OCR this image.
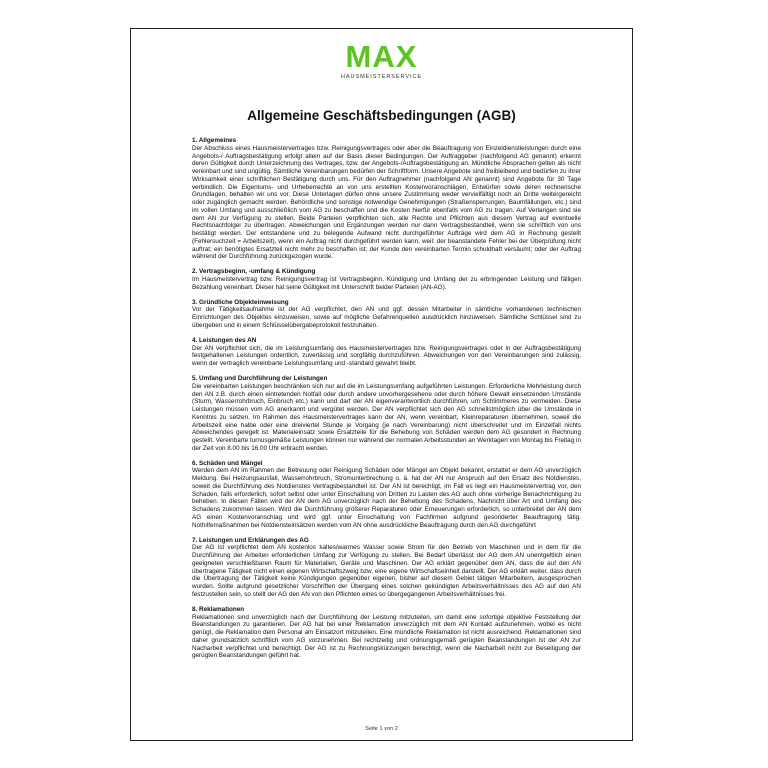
MAX
HAUSMEISTERSERVICE
Allgemeine Geschäftsbedingungen (AGB)
1. Allgemeines
Der Abschluss eines Hausmeistervertrages bzw. Reinigungsvertrages oder aber die Beauftragung von Einzeldienstleistungen durch eine Angebots-/ Auftragsbestätigung erfolgt allein auf der Basis dieser Bedingungen. Der Auftraggeber (nachfolgend AG genannt) erkennt deren Gültigkeit durch Unterzeichnung des Vertrages, bzw. der Angebots-/Auftragsbestätigung an. Mündliche Absprachen gelten als nicht vereinbart und sind ungültig. Sämtliche Vereinbarungen bedürfen der Schriftform. Unsere Angebote sind freibleibend und bedürfen zu ihrer Wirksamkeit einer schriftlichen Bestätigung durch uns. Für den Auftragnehmer (nachfolgend AN genannt) sind Angebote für 30 Tage verbindlich. Die Eigentums- und Urheberrechte an von uns erstellten Kostenvoranschlägen, Entwürfen sowie deren rechnerische Grundlagen, behalten wir uns vor. Diese Unterlagen dürfen ohne unsere Zustimmung weder vervielfältigt noch an Dritte weitergereicht oder zugänglich gemacht werden. Behördliche und sonstige notwendige Genehmigungen (Straßensperrungen, Baumfällungen, etc.) sind im vollen Umfang und ausschließlich vom AG zu beschaffen und die Kosten hierfür ebenfalls vom AG zu tragen. Auf Verlangen sind sie dem AN zur Verfügung zu stellen. Beide Parteien verpflichten sich, alle Rechte und Pflichten aus diesem Vertrag auf eventuelle Rechtsnachfolger zu übertragen. Abweichungen und Ergänzungen werden nur dann Vertragsbestandteil, wenn sie schriftlich von uns bestätigt werden. Der entstandene und zu belegende Aufwand nicht durchgeführter Aufträge wird dem AG in Rechnung gestellt (Fehlersuchzeit = Arbeitszeit), wenn ein Auftrag nicht durchgeführt werden kann, weil: der beanstandete Fehler bei der Überprüfung nicht auftrat; ein benötigtes Ersatzteil nicht mehr zu beschaffen ist; der Kunde den vereinbarten Termin schuldhaft versäumt; oder der Auftrag während der Durchführung zurückgezogen wurde.
2. Vertragsbeginn, -umfang & Kündigung
Im Hausmeistervertrag bzw. Reinigungsvertrag ist Vertragsbeginn, Kündigung und Umfang der zu erbringenden Leistung und fälligen Bezahlung vereinbart. Dieser hat seine Gültigkeit mit Unterschrift beider Parteien (AN-AG).
3. Gründliche Objekteinweisung
Vor der Tätigkeitsaufnahme ist der AG verpflichtet, den AN und ggf. dessen Mitarbeiter in sämtliche vorhandenen technischen Einrichtungen des Objektes einzuweisen, sowie auf mögliche Gefahrenquellen ausdrücklich hinzuweisen. Sämtliche Schlüssel sind zu übergeben und in einem Schlüsselübergabeprotokoll festzuhalten.
4. Leistungen des AN
Der AN verpflichtet sich, die im Leistungsumfang des Hausmeistervertrages bzw. Reinigungsvertrages oder in der Auftragsbestätigung festgehaltenen Leistungen ordentlich, zuverlässig und sorgfältig durchzuführen. Abweichungen von den Vereinbarungen sind zulässig, wenn der vertraglich vereinbarte Leistungsumfang und -standard gewahrt bleibt.
5. Umfang und Durchführung der Leistungen
Die vereinbarten Leistungen beschränken sich nur auf die im Leistungsumfang aufgeführten Leistungen. Erforderliche Mehrleistung durch den AN z.B. durch einen eintretenden Notfall oder durch andere unvorhergesehene oder durch höhere Gewalt einsetzenden Umstände (Sturm, Wasserrohrbruch, Einbruch etc.) kann und darf der AN eigenverantwortlich durchführen, um Schlimmeres zu vermeiden. Diese Leistungen müssen vom AG anerkannt und vergütet werden. Der AN verpflichtet sich den AG schnellstmöglich über die Umstände in Kenntnis zu setzen. Im Rahmen des Hausmeistervertrages kann der AN, wenn vereinbart, Kleinreparaturen übernehmen, soweil die Arbeitszeit eine halbe oder eine dreiviertel Stunde je Vorgang (je nach Vereinbarung) nicht überschreitet und im Einzelfall nichts Abweichendes geregelt ist. Materialeinsatz sowie Ersatzteile für die Behebung von Schäden werden dem AG gesondert in Rechnung gestellt. Vereinbarte turnusgemäße Leistungen können nur während der normalen Arbeitsstunden an Werktagen von Montag bis Freitag in der Zeit von 8.00 bis 16.00 Uhr erbracht werden.
6. Schäden und Mängel
Werden dem AN im Rahmen der Betreuung oder Reinigung Schäden oder Mängel am Objekt bekannt, erstattet er dem AG unverzüglich Meldung. Bei Heizungsausfall, Wasserrohrbruch, Stromunterbrechung o. ä. hat der AN nur Anspruch auf den Ersatz des Notdienstes, soweit die Durchführung des Notdienstes Vertragsbestandteil ist. Der AN ist berechtigt, im Fall es liegt ein Hausmeistervertrag vor, den Schaden, falls erforderlich, sofort selbst oder unter Einschaltung von Dritten zu Lasten des AG auch ohne vorherige Benachrichtigung zu beheben. In diesen Fällen wird der AN dem AG unverzüglich nach der Behebung des Schadens, Nachricht über Art und Umfang des Schadens zukommen lassen. Wird die Durchführung größerer Reparaturen oder Erneuerungen erforderlich, so unterbreitet der AN dem AG einen Kostenvoranschlag und wird ggf. unter Einschaltung von Fachfirmen aufgrund gesonderter Beauftragung tätig. Nothilfemaßnahmen bei Notdiensteinsätzen werden vom AN ohne ausdrückliche Beauftragung durch den AG durchgeführt
7. Leistungen und Erklärungen des AG
Der AG ist verpflichtet dem AN kostenlos kaltes/warmes Wasser sowie Strom für den Betrieb von Maschinen und in dem für die Durchführung der Arbeiten erforderlichen Umfang zur Verfügung zu stellen. Bei Bedarf überlässt der AG dem AN unentgeltlich einen geeigneten verschließbaren Raum für Materialien, Geräte und Maschinen. Der AG erklärt gegenüber dem AN, dass die auf den AN übertragene Tätigkeit nicht einen eigenen Wirtschaftszweig bzw. eine eigene Wirtschaftseinheit darstellt. Der AG erklärt weiter, dass durch die Übertragung der Tätigkeit keine Kündigungen gegenüber eigenen, bisher auf diesem Gebiet tätigen Mitarbeitern, ausgesprochen wurden. Sollte aufgrund gesetzlicher Vorschriften der Übergang eines solchen gekündigten Arbeitsverhältnisses des AG auf den AN festzustellen sein, so stellt der AG den AN von den Pflichten eines so übergegangenen Arbeitsverhältnisses frei.
8. Reklamationen
Reklamationen sind unverzüglich nach der Durchführung der Leistung mitzuteilen, um damit eine sofortige objektive Feststellung der Beanstandungen zu garantieren. Der AG hat bei einer Reklamation unverzüglich mit dem AN Kontakt aufzunehmen, wobei es nicht genügt, die Reklamation dem Personal am Einsatzort mitzuteilen. Eine mündliche Reklamation ist nicht ausreichend. Reklamationen sind daher grundsätzlich schriftlich vom AG vorzunehmen. Bei rechtzeitig und ordnungsgemäß gerügten Beanstandungen ist der AN zur Nacharbeit verpflichtet und berechtigt. Der AG ist zu Rechnungskürzungen berechtigt, wenn die Nacharbeit nicht zur Beseitigung der gerügten Beanstandungen geführt hat.
Seite 1 von 2
